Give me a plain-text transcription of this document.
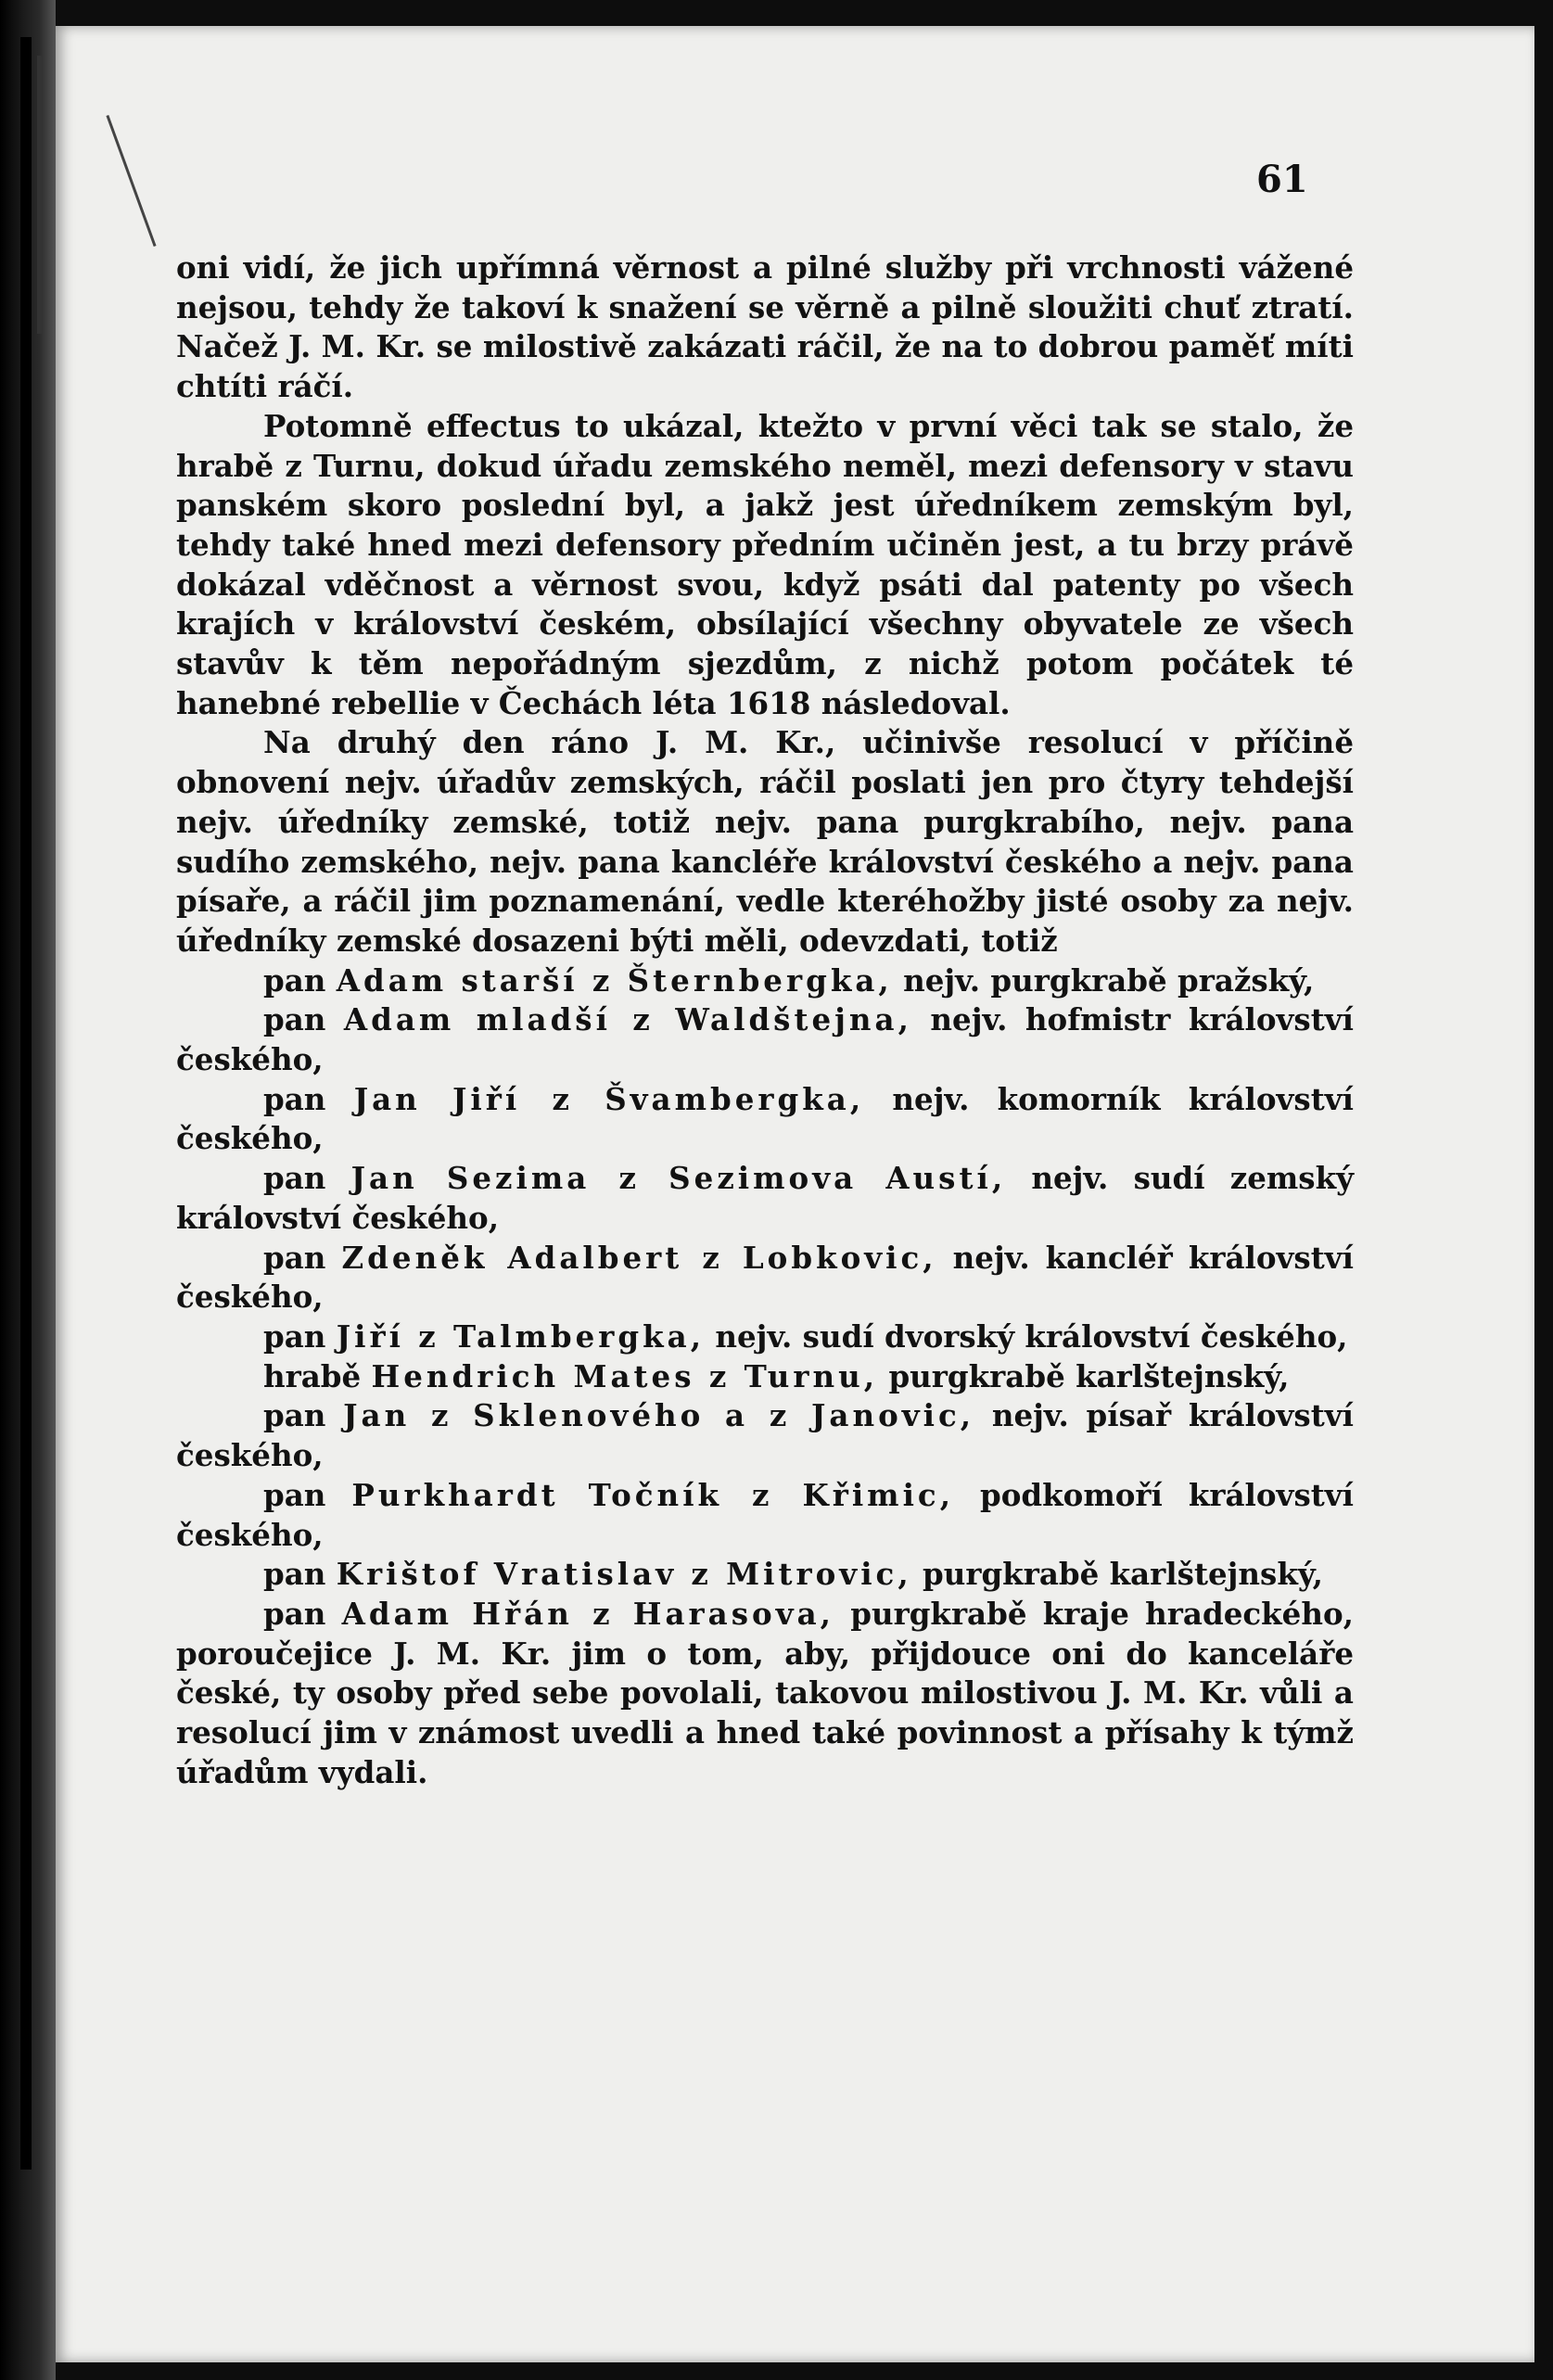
61

oni vidí, že jich upřímná věrnost a pilné služby při vrchnosti vážené nejsou, tehdy že takoví k snažení se věrně a pilně sloužiti chuť ztratí. Načež J. M. Kr. se milostivě zakázati ráčil, že na to dobrou paměť míti chtíti ráčí.

Potomně effectus to ukázal, ktežto v první věci tak se stalo, že hrabě z Turnu, dokud úřadu zemského neměl, mezi defensory v stavu panském skoro poslední byl, a jakž jest úředníkem zemským byl, tehdy také hned mezi defensory předním učiněn jest, a tu brzy právě dokázal vděčnost a věrnost svou, když psáti dal patenty po všech krajích v království českém, obsílající všechny obyvatele ze všech stavův k těm nepořádným sjezdům, z nichž potom počátek té hanebné rebellie v Čechách léta 1618 následoval.

Na druhý den ráno J. M. Kr., učinivše resolucí v příčině obnovení nejv. úřadův zemských, ráčil poslati jen pro čtyry tehdejší nejv. úředníky zemské, totiž nejv. pana purgkrabího, nejv. pana sudího zemského, nejv. pana kancléře království českého a nejv. pana písaře, a ráčil jim poznamenání, vedle kteréhožby jisté osoby za nejv. úředníky zemské dosazeni býti měli, odevzdati, totiž

pan Adam starší z Šternbergka, nejv. purgkrabě pražský,

pan Adam mladší z Waldštejna, nejv. hofmistr království českého,

pan Jan Jiří z Švambergka, nejv. komorník království českého,

pan Jan Sezima z Sezimova Austí, nejv. sudí zemský království českého,

pan Zdeněk Adalbert z Lobkovic, nejv. kancléř království českého,

pan Jiří z Talmbergka, nejv. sudí dvorský království českého,

hrabě Hendrich Mates z Turnu, purgkrabě karlštejnský,

pan Jan z Sklenového a z Janovic, nejv. písař království českého,

pan Purkhardt Točník z Křimic, podkomoří království českého,

pan Krištof Vratislav z Mitrovic, purgkrabě karlštejnský,

pan Adam Hřán z Harasova, purgkrabě kraje hradeckého, poroučejice J. M. Kr. jim o tom, aby, přijdouce oni do kanceláře české, ty osoby před sebe povolali, takovou milostivou J. M. Kr. vůli a resolucí jim v známost uvedli a hned také povinnost a přísahy k týmž úřadům vydali.
